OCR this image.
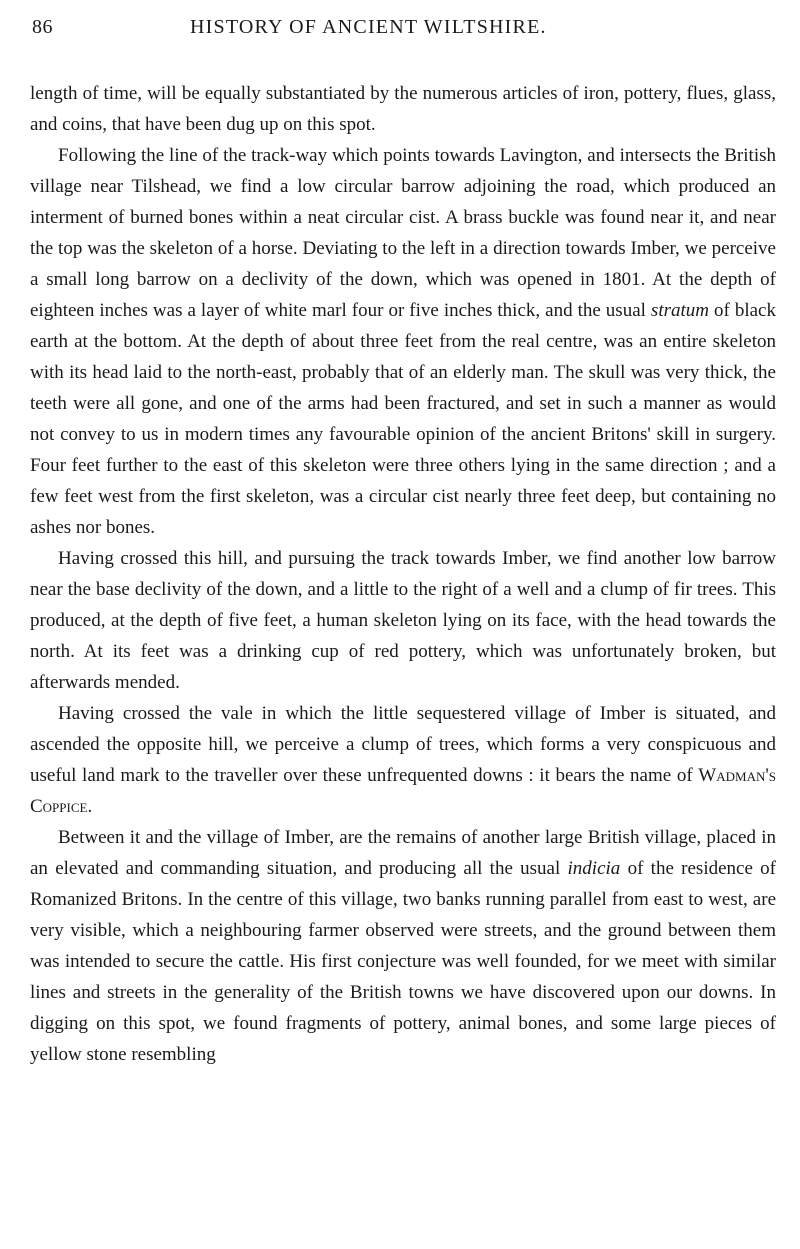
86	HISTORY OF ANCIENT WILTSHIRE.

length of time, will be equally substantiated by the numerous articles of iron, pottery, flues, glass, and coins, that have been dug up on this spot.

Following the line of the track-way which points towards Lavington, and intersects the British village near Tilshead, we find a low circular barrow adjoining the road, which produced an interment of burned bones within a neat circular cist. A brass buckle was found near it, and near the top was the skeleton of a horse. Deviating to the left in a direction towards Imber, we perceive a small long barrow on a declivity of the down, which was opened in 1801. At the depth of eighteen inches was a layer of white marl four or five inches thick, and the usual stratum of black earth at the bottom. At the depth of about three feet from the real centre, was an entire skeleton with its head laid to the north-east, probably that of an elderly man. The skull was very thick, the teeth were all gone, and one of the arms had been fractured, and set in such a manner as would not convey to us in modern times any favourable opinion of the ancient Britons' skill in surgery. Four feet further to the east of this skeleton were three others lying in the same direction ; and a few feet west from the first skeleton, was a circular cist nearly three feet deep, but containing no ashes nor bones.

Having crossed this hill, and pursuing the track towards Imber, we find another low barrow near the base declivity of the down, and a little to the right of a well and a clump of fir trees. This produced, at the depth of five feet, a human skeleton lying on its face, with the head towards the north. At its feet was a drinking cup of red pottery, which was unfortunately broken, but afterwards mended.

Having crossed the vale in which the little sequestered village of Imber is situated, and ascended the opposite hill, we perceive a clump of trees, which forms a very conspicuous and useful land mark to the traveller over these unfrequented downs : it bears the name of Wadman's Coppice.

Between it and the village of Imber, are the remains of another large British village, placed in an elevated and commanding situation, and producing all the usual indicia of the residence of Romanized Britons. In the centre of this village, two banks running parallel from east to west, are very visible, which a neighbouring farmer observed were streets, and the ground between them was intended to secure the cattle. His first conjecture was well founded, for we meet with similar lines and streets in the generality of the British towns we have discovered upon our downs. In digging on this spot, we found fragments of pottery, animal bones, and some large pieces of yellow stone resembling
